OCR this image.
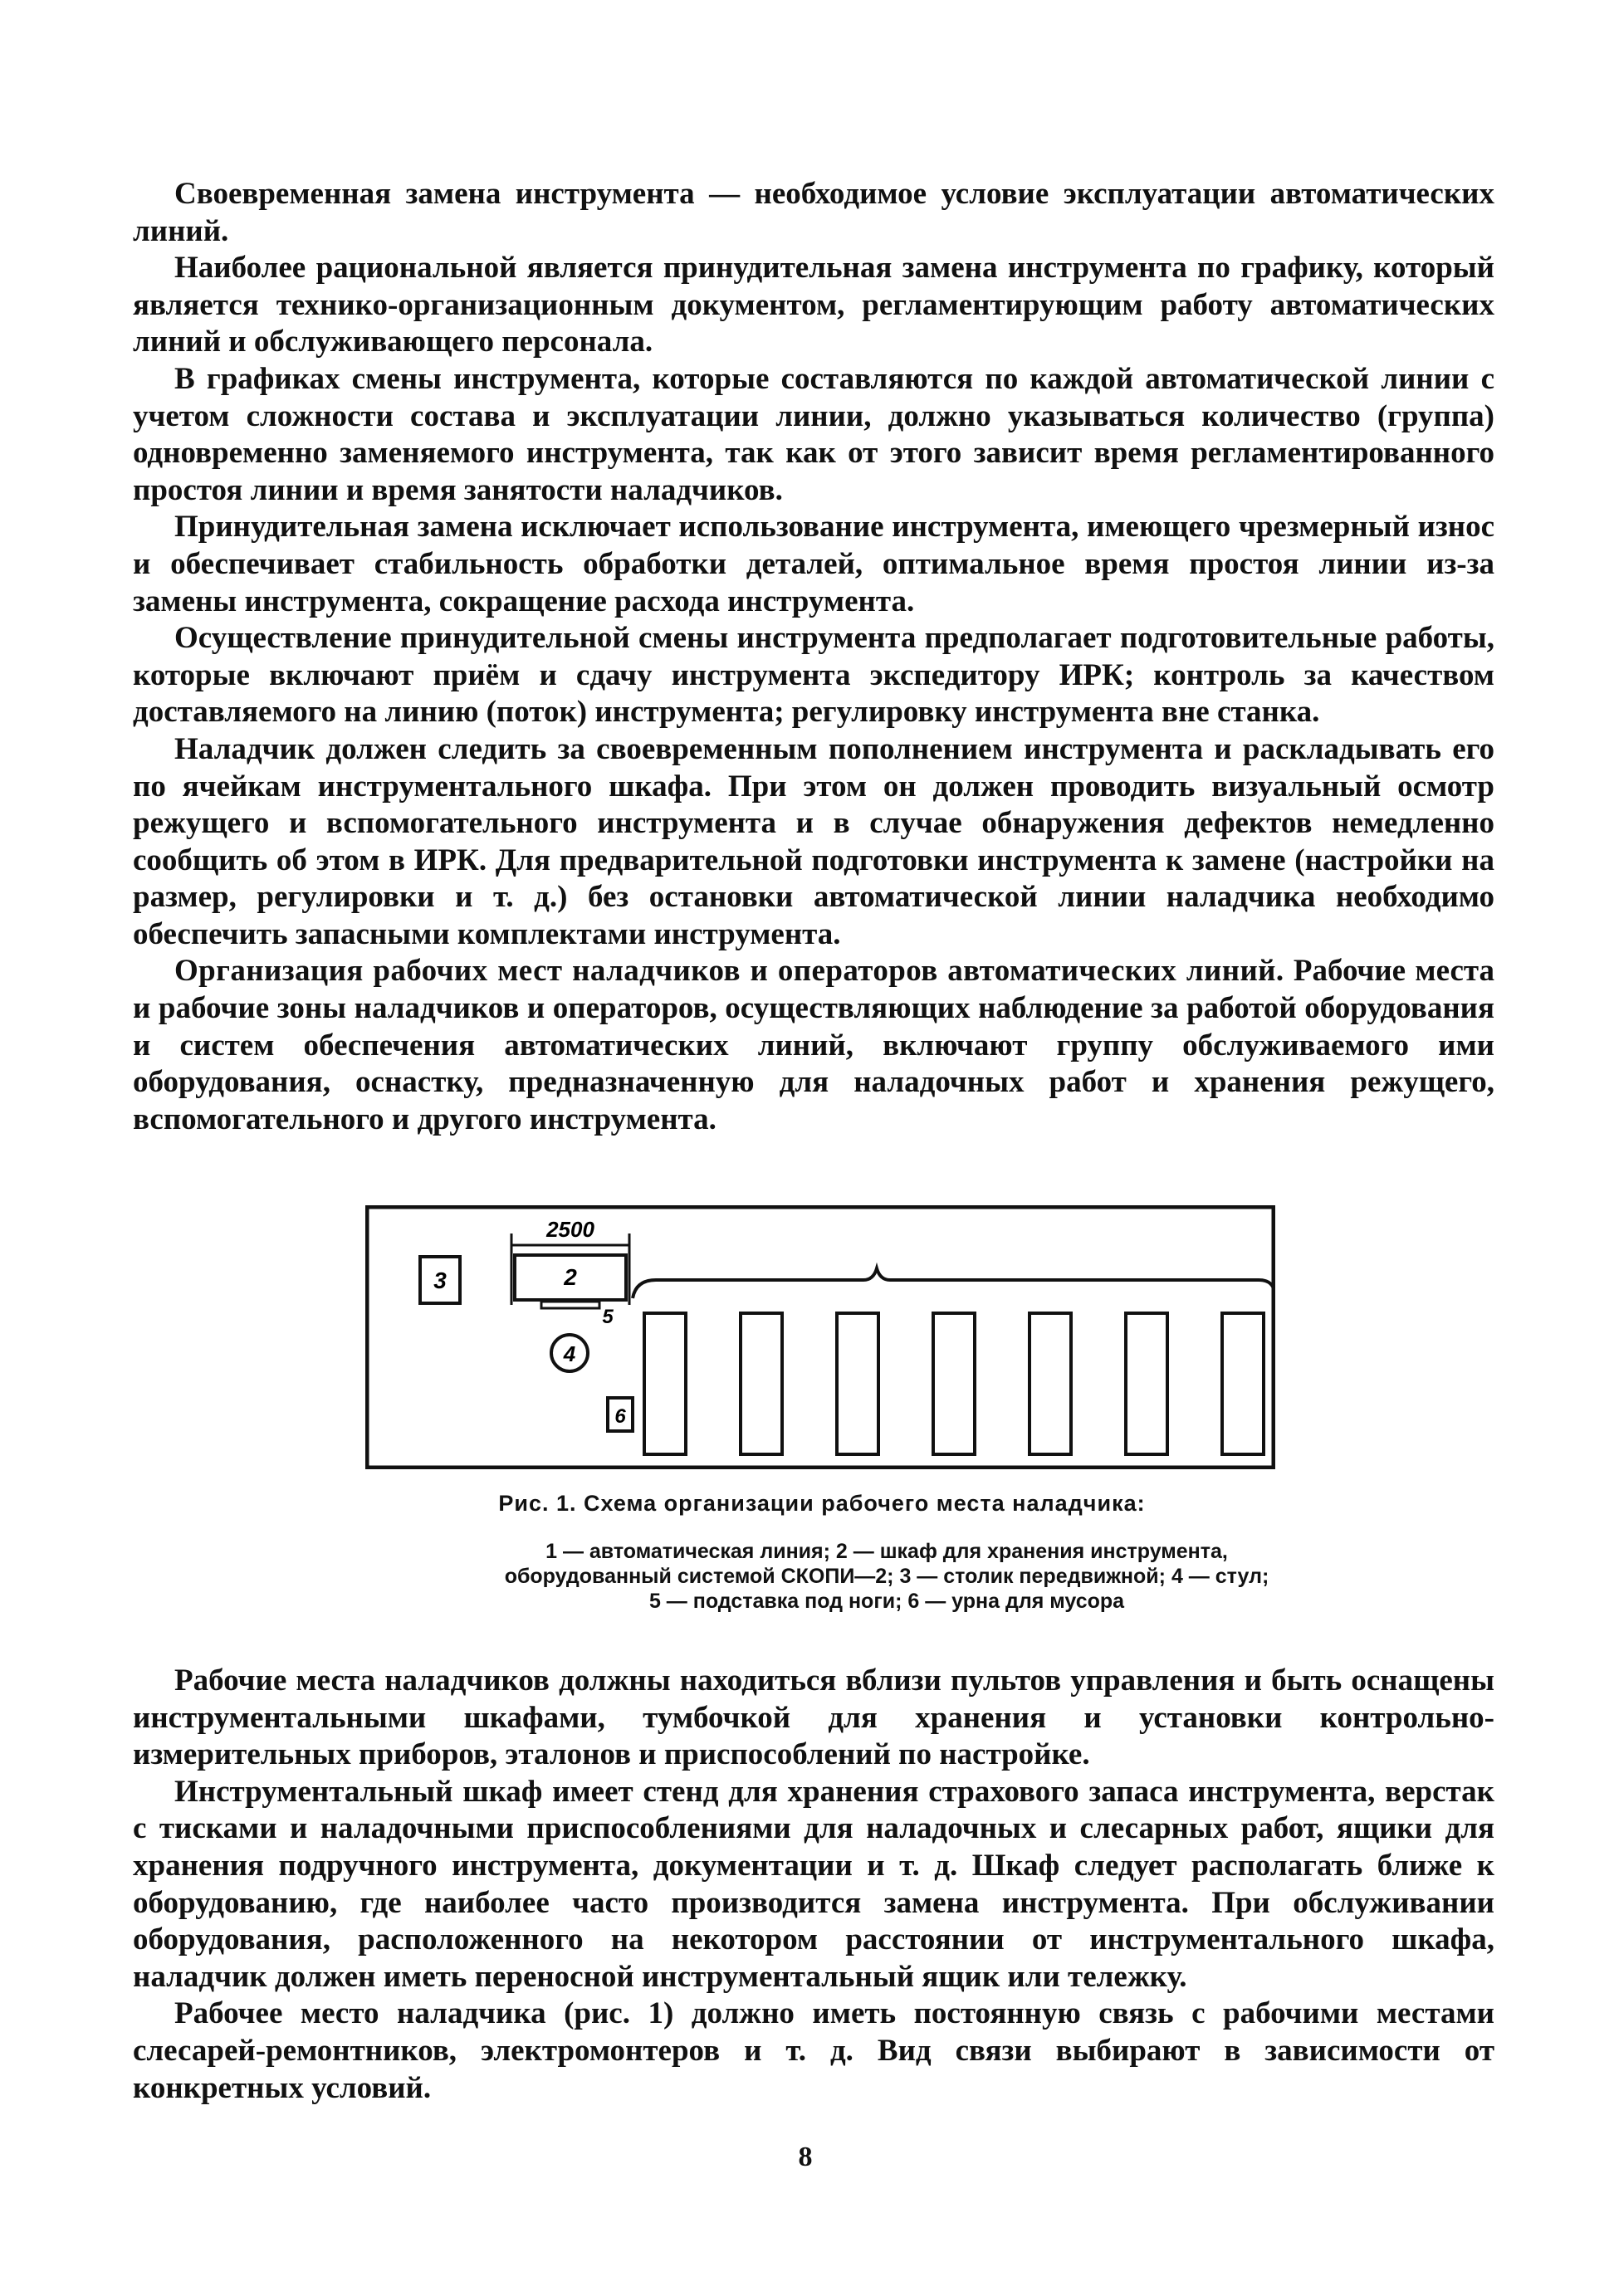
Своевременная замена инструмента — необходимое условие эксплуатации автоматических линий.

Наиболее рациональной является принудительная замена инструмента по графику, который является технико-организационным документом, регламентирующим работу автоматических линий и обслуживающего персонала.

В графиках смены инструмента, которые составляются по каждой автоматической линии с учетом сложности состава и эксплуатации линии, должно указываться количество (группа) одновременно заменяемого инструмента, так как от этого зависит время регламентированного простоя линии и время занятости наладчиков.

Принудительная замена исключает использование инструмента, имеющего чрезмерный износ и обеспечивает стабильность обработки деталей, оптимальное время простоя линии из-за замены инструмента, сокращение расхода инструмента.

Осуществление принудительной смены инструмента предполагает подготовительные работы, которые включают приём и сдачу инструмента экспедитору ИРК; контроль за качеством доставляемого на линию (поток) инструмента; регулировку инструмента вне станка.

Наладчик должен следить за своевременным пополнением инструмента и раскладывать его по ячейкам инструментального шкафа. При этом он должен проводить визуальный осмотр режущего и вспомогательного инструмента и в случае обнаружения дефектов немедленно сообщить об этом в ИРК. Для предварительной подготовки инструмента к замене (настройки на размер, регулировки и т. д.) без остановки автоматической линии наладчика необходимо обеспечить запасными комплектами инструмента.

Организация рабочих мест наладчиков и операторов автоматических линий. Рабочие места и рабочие зоны наладчиков и операторов, осуществляющих наблюдение за работой оборудования и систем обеспечения автоматических линий, включают группу обслуживаемого ими оборудования, оснастку, предназначенную для наладочных работ и хранения режущего, вспомогательного и другого инструмента.

2500
3	2
5
4
6
Рис. 1. Схема организации рабочего места наладчика:
1 — автоматическая линия; 2 — шкаф для хранения инструмента, оборудованный системой СКОПИ—2; 3 — столик передвижной; 4 — стул; 5 — подставка под ноги; 6 — урна для мусора

Рабочие места наладчиков должны находиться вблизи пультов управления и быть оснащены инструментальными шкафами, тумбочкой для хранения и установки контрольно-измерительных приборов, эталонов и приспособлений по настройке.

Инструментальный шкаф имеет стенд для хранения страхового запаса инструмента, верстак с тисками и наладочными приспособлениями для наладочных и слесарных работ, ящики для хранения подручного инструмента, документации и т. д. Шкаф следует располагать ближе к оборудованию, где наиболее часто производится замена инструмента. При обслуживании оборудования, расположенного на некотором расстоянии от инструментального шкафа, наладчик должен иметь переносной инструментальный ящик или тележку.

Рабочее место наладчика (рис. 1) должно иметь постоянную связь с рабочими местами слесарей-ремонтников, электромонтеров и т. д. Вид связи выбирают в зависимости от конкретных условий.

8
